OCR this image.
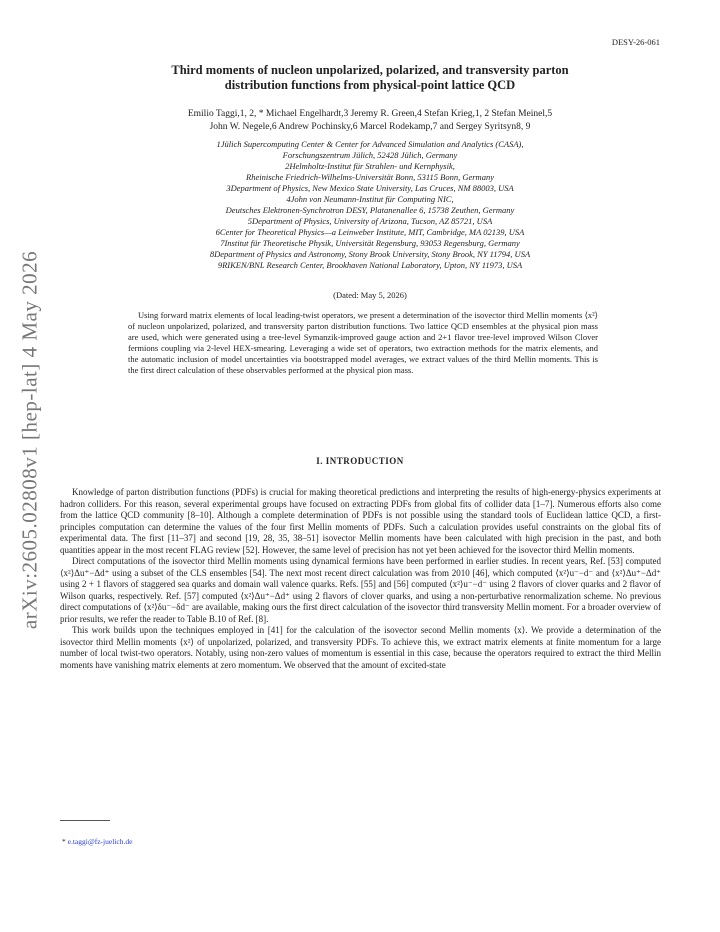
arXiv:2605.02808v1 [hep-lat] 4 May 2026
DESY-26-061
Third moments of nucleon unpolarized, polarized, and transversity parton
distribution functions from physical-point lattice QCD
Emilio Taggi,1, 2, * Michael Engelhardt,3 Jeremy R. Green,4 Stefan Krieg,1, 2 Stefan Meinel,5
John W. Negele,6 Andrew Pochinsky,6 Marcel Rodekamp,7 and Sergey Syritsyn8, 9
1Jülich Supercomputing Center & Center for Advanced Simulation and Analytics (CASA),
Forschungszentrum Jülich, 52428 Jülich, Germany
2Helmholtz-Institut für Strahlen- und Kernphysik,
Rheinische Friedrich-Wilhelms-Universität Bonn, 53115 Bonn, Germany
3Department of Physics, New Mexico State University, Las Cruces, NM 88003, USA
4John von Neumann-Institut für Computing NIC,
Deutsches Elektronen-Synchrotron DESY, Platanenallee 6, 15738 Zeuthen, Germany
5Department of Physics, University of Arizona, Tucson, AZ 85721, USA
6Center for Theoretical Physics—a Leinweber Institute, MIT, Cambridge, MA 02139, USA
7Institut für Theoretische Physik, Universität Regensburg, 93053 Regensburg, Germany
8Department of Physics and Astronomy, Stony Brook University, Stony Brook, NY 11794, USA
9RIKEN/BNL Research Center, Brookhaven National Laboratory, Upton, NY 11973, USA
(Dated: May 5, 2026)
Using forward matrix elements of local leading-twist operators, we present a determination of the isovector third Mellin moments ⟨x²⟩ of nucleon unpolarized, polarized, and transversity parton distribution functions. Two lattice QCD ensembles at the physical pion mass are used, which were generated using a tree-level Symanzik-improved gauge action and 2+1 flavor tree-level improved Wilson Clover fermions coupling via 2-level HEX-smearing. Leveraging a wide set of operators, two extraction methods for the matrix elements, and the automatic inclusion of model uncertainties via bootstrapped model averages, we extract values of the third Mellin moments. This is the first direct calculation of these observables performed at the physical pion mass.
I. INTRODUCTION

Knowledge of parton distribution functions (PDFs) is crucial for making theoretical predictions and interpreting the results of high-energy-physics experiments at hadron colliders. For this reason, several experimental groups have focused on extracting PDFs from global fits of collider data [1–7]. Numerous efforts also come from the lattice QCD community [8–10]. Although a complete determination of PDFs is not possible using the standard tools of Euclidean lattice QCD, a first-principles computation can determine the values of the four first Mellin moments of PDFs. Such a calculation provides useful constraints on the global fits of experimental data. The first [11–37] and second [19, 28, 35, 38–51] isovector Mellin moments have been calculated with high precision in the past, and both quantities appear in the most recent FLAG review [52]. However, the same level of precision has not yet been achieved for the isovector third Mellin moments.

Direct computations of the isovector third Mellin moments using dynamical fermions have been performed in earlier studies. In recent years, Ref. [53] computed ⟨x²⟩Δu⁺−Δd⁺ using a subset of the CLS ensembles [54]. The next most recent direct calculation was from 2010 [46], which computed ⟨x²⟩u⁻−d⁻ and ⟨x²⟩Δu⁺−Δd⁺ using 2 + 1 flavors of staggered sea quarks and domain wall valence quarks. Refs. [55] and [56] computed ⟨x²⟩u⁻−d⁻ using 2 flavors of clover quarks and 2 flavor of Wilson quarks, respectively. Ref. [57] computed ⟨x²⟩Δu⁺−Δd⁺ using 2 flavors of clover quarks, and using a non-perturbative renormalization scheme. No previous direct computations of ⟨x²⟩δu⁻−δd⁻ are available, making ours the first direct calculation of the isovector third transversity Mellin moment. For a broader overview of prior results, we refer the reader to Table B.10 of Ref. [8].

This work builds upon the techniques employed in [41] for the calculation of the isovector second Mellin moments ⟨x⟩. We provide a determination of the isovector third Mellin moments ⟨x²⟩ of unpolarized, polarized, and transversity PDFs. To achieve this, we extract matrix elements at finite momentum for a large number of local twist-two operators. Notably, using non-zero values of momentum is essential in this case, because the operators required to extract the third Mellin moments have vanishing matrix elements at zero momentum. We observed that the amount of excited-state

* e.taggi@fz-juelich.de
